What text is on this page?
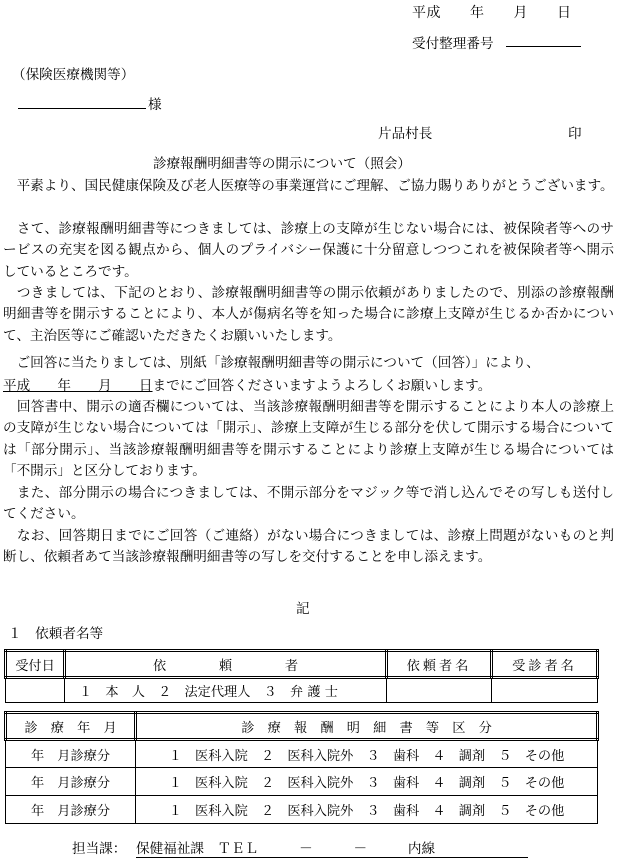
平成　　年　　月　　日
受付整理番号
（保険医療機関等）
様
片品村長	印
診療報酬明細書等の開示について（照会）
　平素より、国民健康保険及び老人医療等の事業運営にご理解、ご協力賜りありがとうございます。
　さて、診療報酬明細書等につきましては、診療上の支障が生じない場合には、被保険者等へのサービスの充実を図る観点から、個人のプライバシー保護に十分留意しつつこれを被保険者等へ開示しているところです。
　つきましては、下記のとおり、診療報酬明細書等の開示依頼がありましたので、別添の診療報酬明細書等を開示することにより、本人が傷病名等を知った場合に診療上支障が生じるか否かについて、主治医等にご確認いただきたくお願いいたします。
　ご回答に当たりましては、別紙「診療報酬明細書等の開示について（回答）」により、
平成　　年　　月　　日までにご回答くださいますようよろしくお願いします。
　回答書中、開示の適否欄については、当該診療報酬明細書等を開示することにより本人の診療上の支障が生じない場合については「開示」、診療上支障が生じる部分を伏して開示する場合については「部分開示」、当該診療報酬明細書等を開示することにより診療上支障が生じる場合については「不開示」と区分しております。
　また、部分開示の場合につきましては、不開示部分をマジック等で消し込んでその写しも送付してください。
　なお、回答期日までにご回答（ご連絡）がない場合につきましては、診療上問題がないものと判断し、依頼者あて当該診療報酬明細書等の写しを交付することを申し添えます。
記
１　依頼者名等
受付日	依　　　　頼　　　　者	依頼者名	受診者名
	１　本　人　２　法定代理人　３　弁 護 士		
診　療　年　月	診　療　報　酬　明　細　書　等　区　分
年　月診療分	１　医科入院　２　医科入院外　３　歯科　４　調剤　５　その他
年　月診療分	１　医科入院　２　医科入院外　３　歯科　４　調剤　５　その他
年　月診療分	１　医科入院　２　医科入院外　３　歯科　４　調剤　５　その他
担当課： 保健福祉課　ＴＥＬ　　　－　　　－　　　内線
